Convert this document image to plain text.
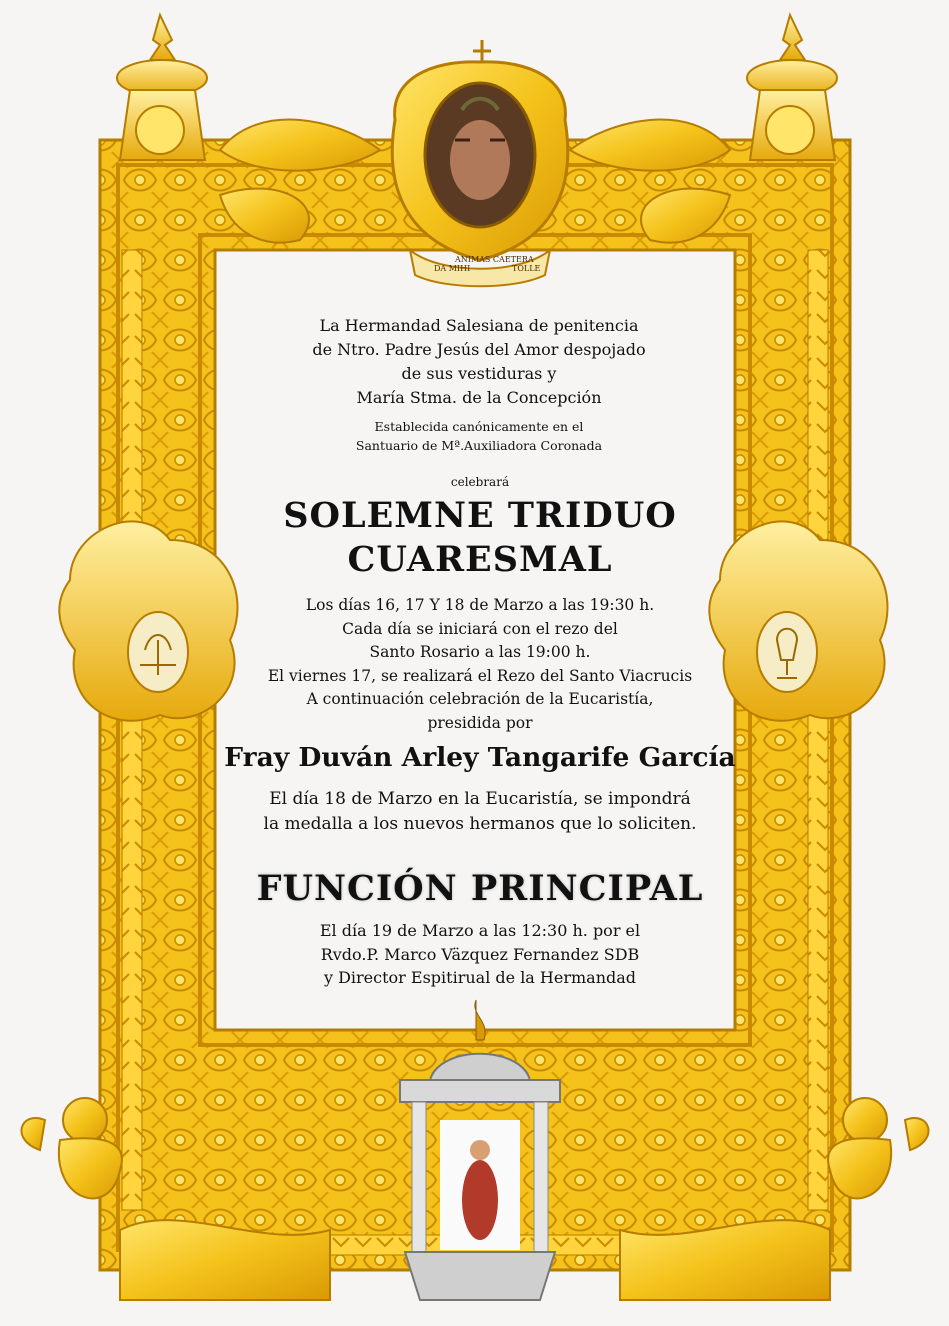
DA MIHI
ANIMAS CAETERA
TOLLE
La Hermandad Salesiana de penitencia
de Ntro. Padre Jesús del Amor despojado
de sus vestiduras y
María Stma. de la Concepción
Establecida canónicamente en el
Santuario de Mª.Auxiliadora Coronada
celebrará
SOLEMNE TRIDUO
CUARESMAL
Los días 16, 17 Y 18 de Marzo a las 19:30 h.
Cada día se iniciará con el rezo del
Santo Rosario a las 19:00 h.
El viernes 17, se realizará el Rezo del Santo Viacrucis
A continuación celebración de la Eucaristía,
presidida por
Fray Duván Arley Tangarife García
El día 18 de Marzo en la Eucaristía, se impondrá
la medalla a los nuevos hermanos que lo soliciten.
FUNCIÓN PRINCIPAL
El día 19 de Marzo a las 12:30 h. por el
Rvdo.P. Marco Väzquez Fernandez SDB
y Director Espitirual de la Hermandad
